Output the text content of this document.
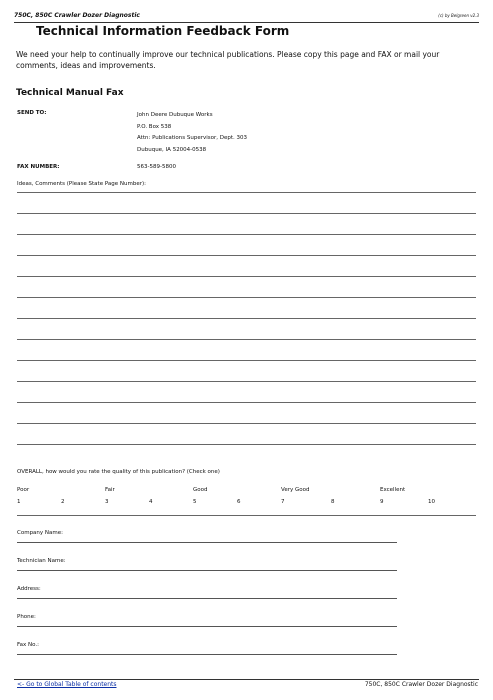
750C, 850C Crawler Dozer Diagnostic	(c) by Belgreen v2.3
Technical Information Feedback Form
We need your help to continually improve our technical publications. Please copy this page and FAX or mail your comments, ideas and improvements.
Technical Manual Fax
SEND TO:	John Deere Dubuque Works
P.O. Box 538
Attn: Publications Supervisor, Dept. 303
Dubuque, IA 52004-0538
FAX NUMBER:	563-589-5800
Ideas, Comments (Please State Page Number):
OVERALL, how would you rate the quality of this publication? (Check one)
Poor	Fair	Good	Very Good	Excellent
1	2	3	4	5	6	7	8	9	10
Company Name:
Technician Name:
Address:
Phone:
Fax No.:
<- Go to Global Table of contents	750C, 850C Crawler Dozer Diagnostic
